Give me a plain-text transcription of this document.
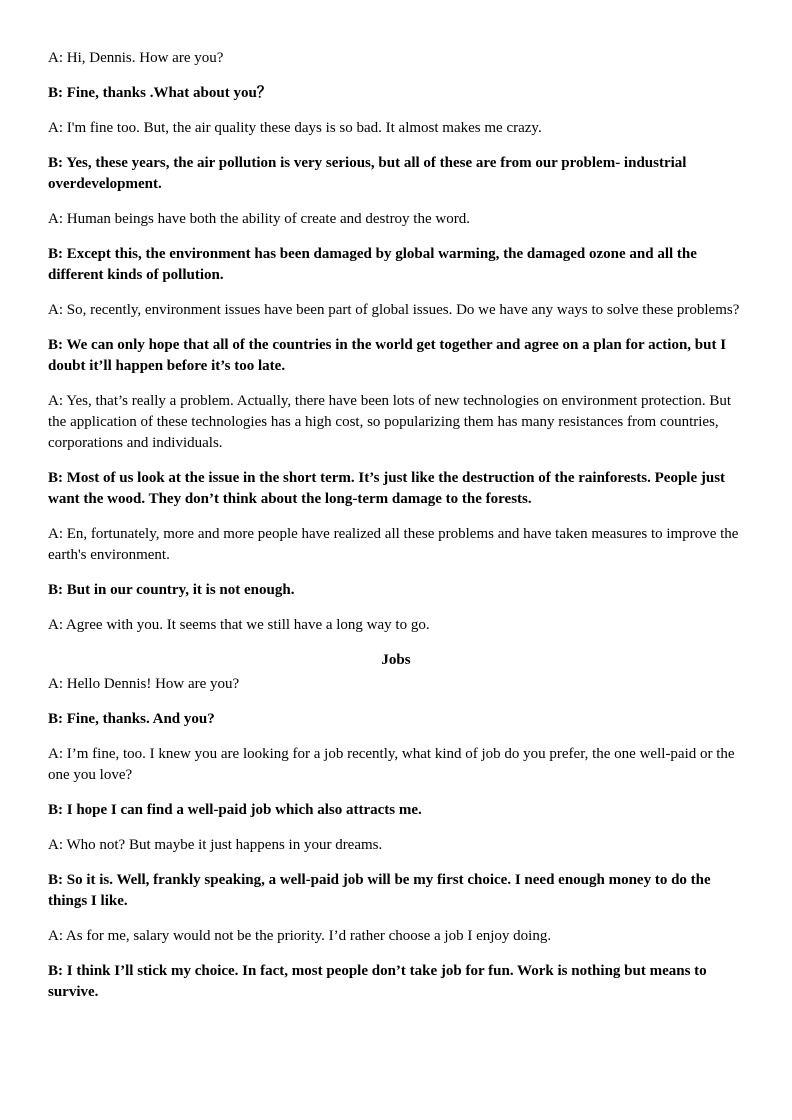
A: Hi, Dennis. How are you?

B: Fine, thanks .What about you？

A: I'm fine too. But, the air quality these days is so bad. It almost makes me crazy.

B: Yes, these years, the air pollution is very serious, but all of these are from our problem- industrial overdevelopment.

A: Human beings have both the ability of create and destroy the word.

B: Except this, the environment has been damaged by global warming, the damaged ozone and all the different kinds of pollution.

A: So, recently, environment issues have been part of global issues. Do we have any ways to solve these problems?

B: We can only hope that all of the countries in the world get together and agree on a plan for action, but I doubt it’ll happen before it’s too late.

A: Yes, that’s really a problem. Actually, there have been lots of new technologies on environment protection. But the application of these technologies has a high cost, so popularizing them has many resistances from countries, corporations and individuals.

B: Most of us look at the issue in the short term. It’s just like the destruction of the rainforests. People just want the wood. They don’t think about the long-term damage to the forests.

A: En, fortunately, more and more people have realized all these problems and have taken measures to improve the earth's environment.

B: But in our country, it is not enough.

A: Agree with you. It seems that we still have a long way to go.

Jobs

A: Hello Dennis! How are you?

B: Fine, thanks. And you?

A: I’m fine, too. I knew you are looking for a job recently, what kind of job do you prefer, the one well-paid or the one you love?

B: I hope I can find a well-paid job which also attracts me.

A: Who not? But maybe it just happens in your dreams.

B: So it is. Well, frankly speaking, a well-paid job will be my first choice. I need enough money to do the things I like.

A: As for me, salary would not be the priority. I’d rather choose a job I enjoy doing.

B: I think I’ll stick my choice. In fact, most people don’t take job for fun. Work is nothing but means to survive.
